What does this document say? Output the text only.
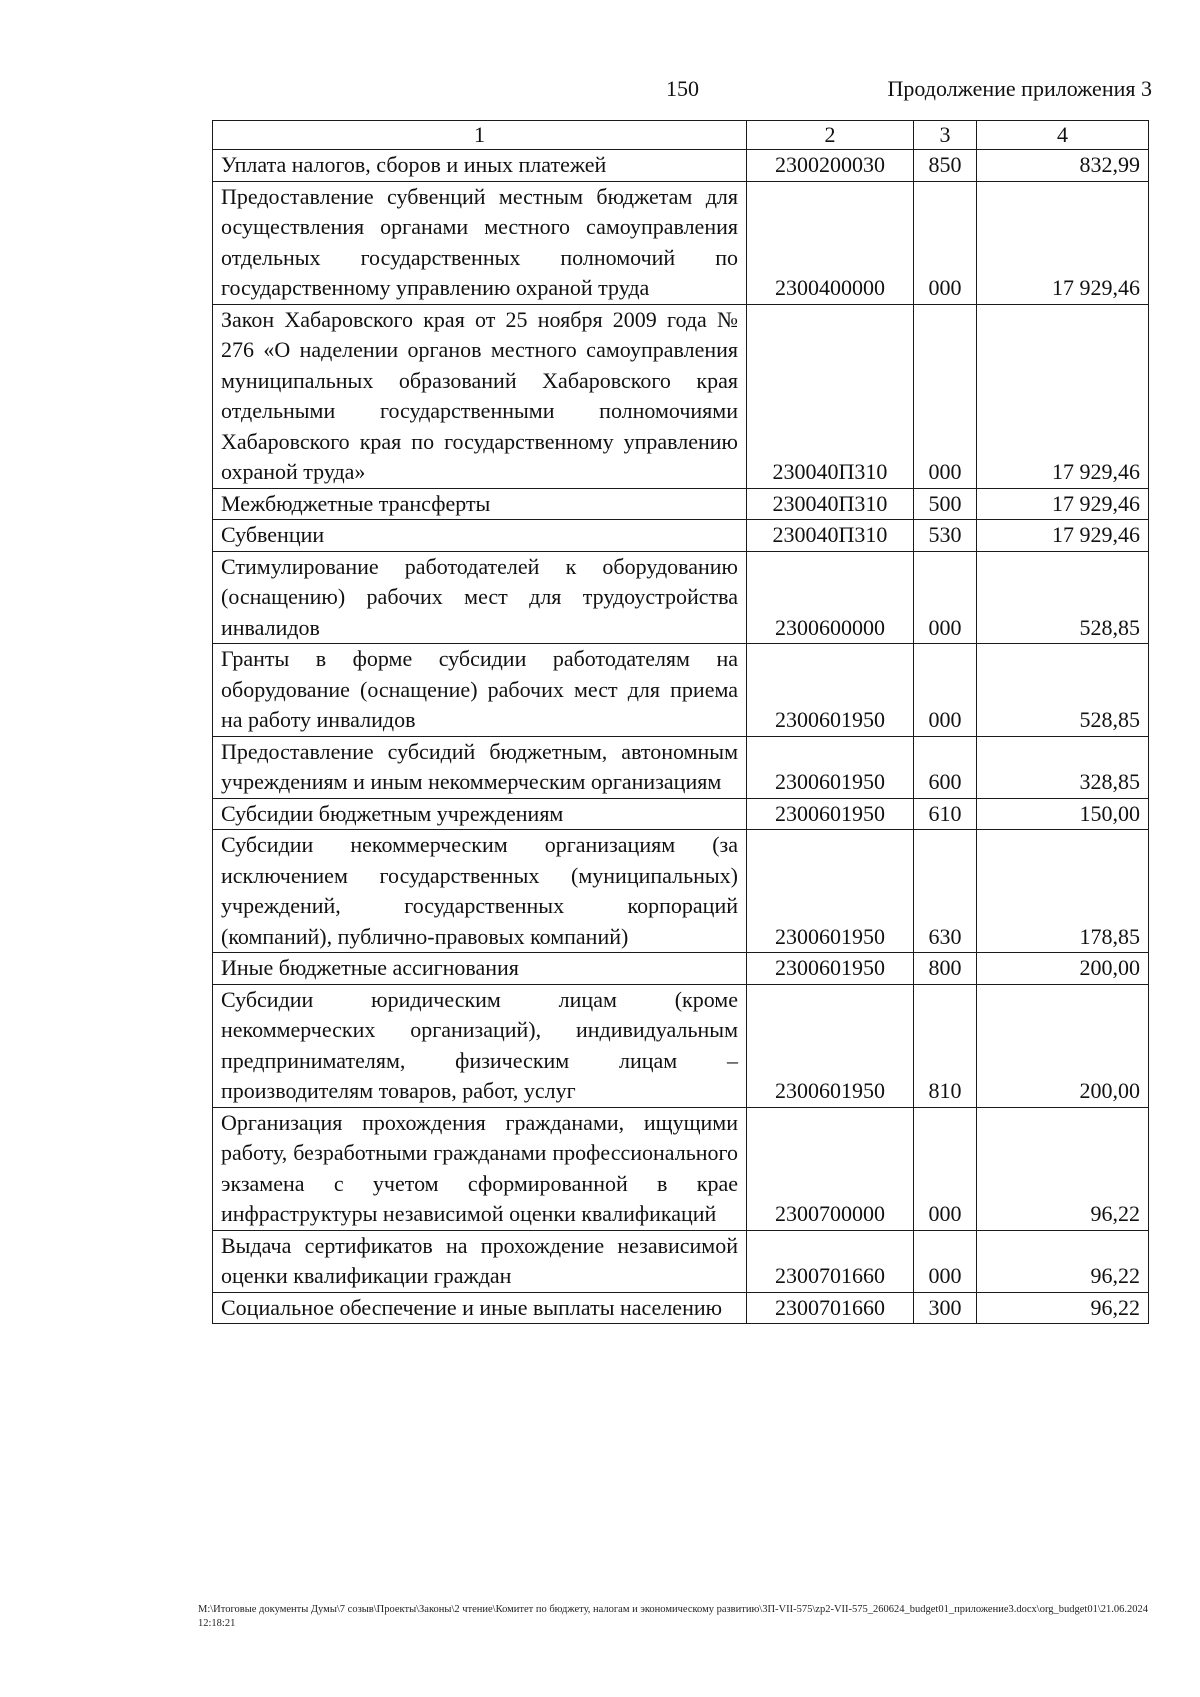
150	Продолжение приложения 3
1	2	3	4
Уплата налогов, сборов и иных платежей	2300200030	850	832,99
Предоставление субвенций местным бюджетам для осуществления органами местного самоуправления отдельных государственных полномочий по государственному управлению охраной труда	2300400000	000	17 929,46
Закон Хабаровского края от 25 ноября 2009 года № 276 «О наделении органов местного самоуправления муниципальных образований Хабаровского края отдельными государственными полномочиями Хабаровского края по государственному управлению охраной труда»	230040П310	000	17 929,46
Межбюджетные трансферты	230040П310	500	17 929,46
Субвенции	230040П310	530	17 929,46
Стимулирование работодателей к оборудованию (оснащению) рабочих мест для трудоустройства инвалидов	2300600000	000	528,85
Гранты в форме субсидии работодателям на оборудование (оснащение) рабочих мест для приема на работу инвалидов	2300601950	000	528,85
Предоставление субсидий бюджетным, автономным учреждениям и иным некоммерческим организациям	2300601950	600	328,85
Субсидии бюджетным учреждениям	2300601950	610	150,00
Субсидии некоммерческим организациям (за исключением государственных (муниципальных) учреждений, государственных корпораций (компаний), публично-правовых компаний)	2300601950	630	178,85
Иные бюджетные ассигнования	2300601950	800	200,00
Субсидии юридическим лицам (кроме некоммерческих организаций), индивидуальным предпринимателям, физическим лицам – производителям товаров, работ, услуг	2300601950	810	200,00
Организация прохождения гражданами, ищущими работу, безработными гражданами профессионального экзамена с учетом сформированной в крае инфраструктуры независимой оценки квалификаций	2300700000	000	96,22
Выдача сертификатов на прохождение независимой оценки квалификации граждан	2300701660	000	96,22
Социальное обеспечение и иные выплаты населению	2300701660	300	96,22
M:\Итоговые документы Думы\7 созыв\Проекты\Законы\2 чтение\Комитет по бюджету, налогам и экономическому развитию\3П-VII-575\zp2-VII-575_260624_budget01_приложение3.docx\org_budget01\21.06.2024 12:18:21
